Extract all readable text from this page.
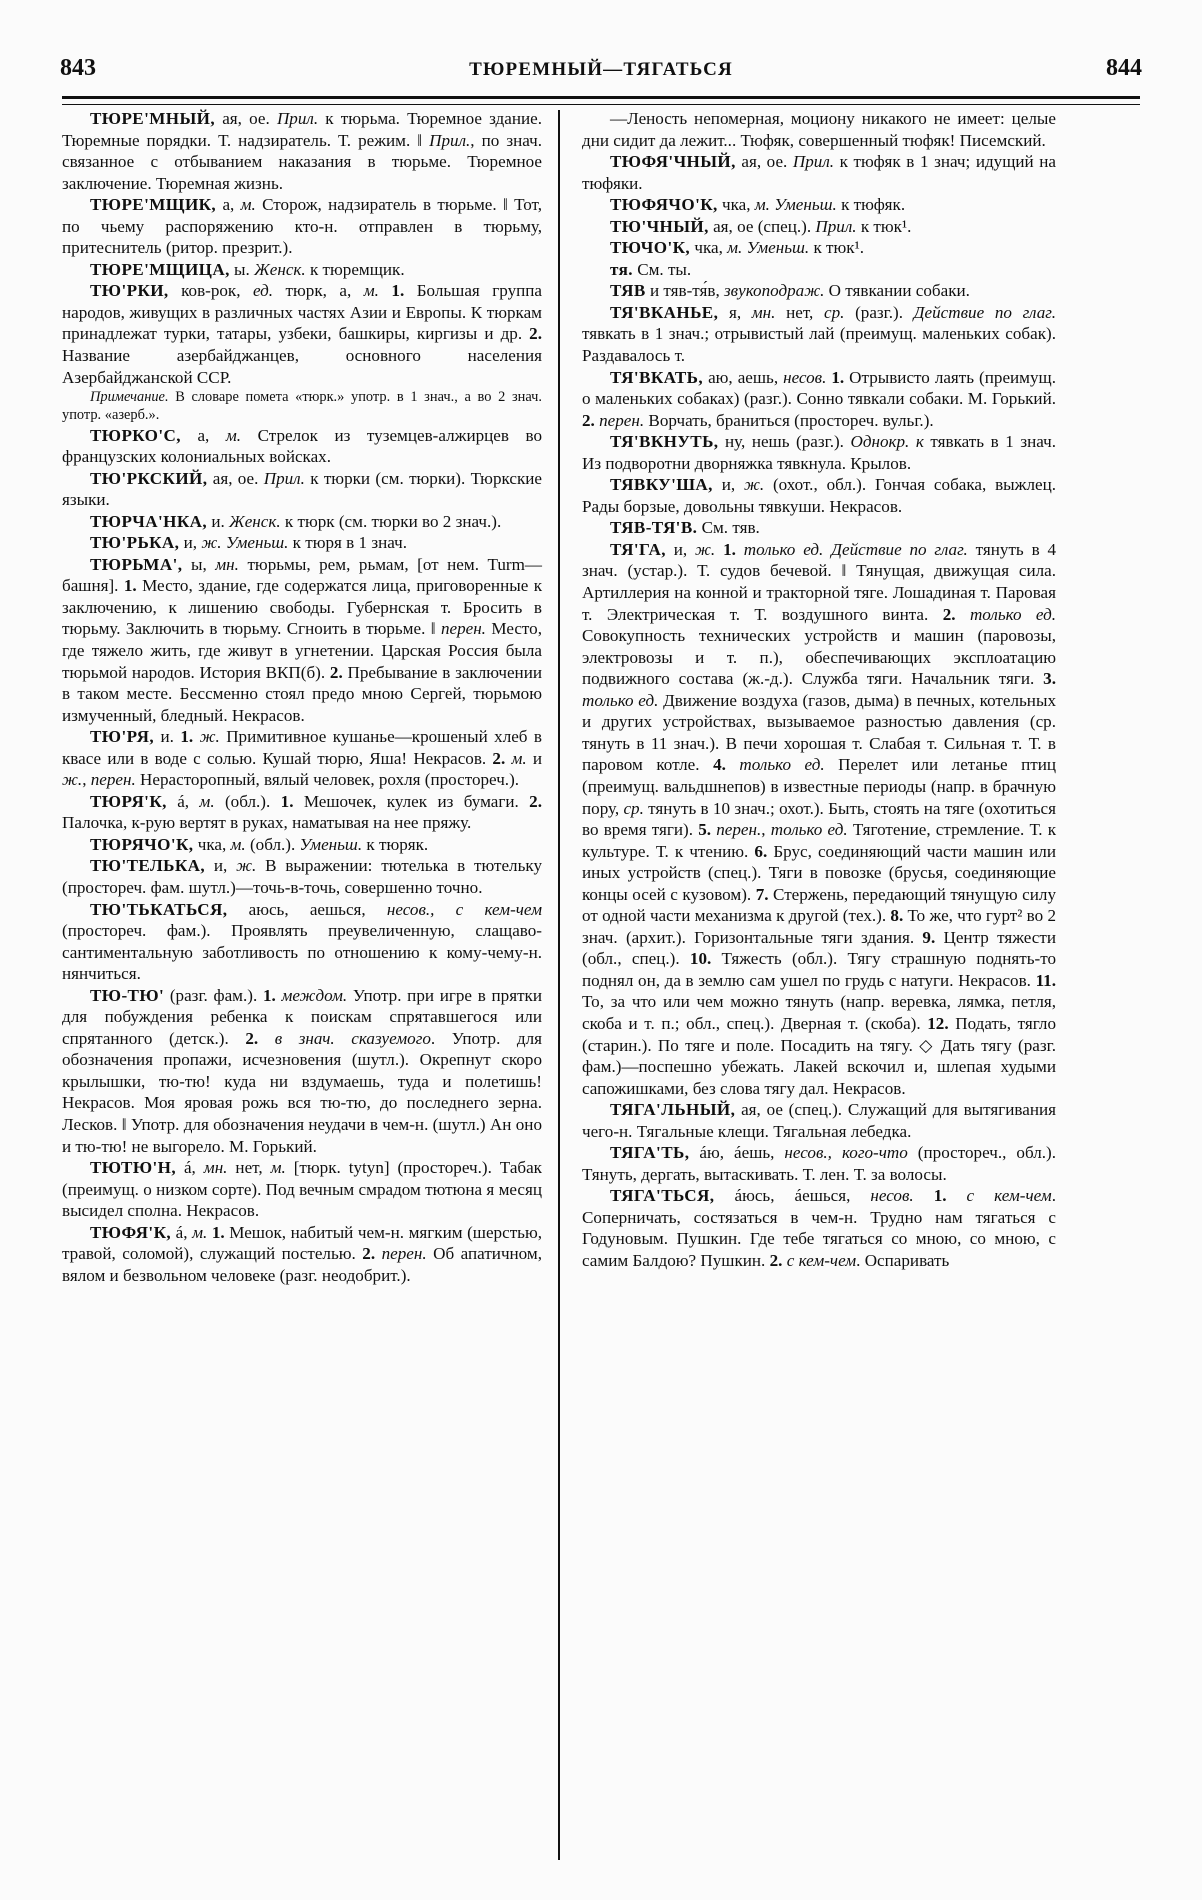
843	ТЮРЕМНЫЙ—ТЯГАТЬСЯ	844

ТЮРЕ'МНЫЙ, ая, ое. Прил. к тюрьма. Тюремное здание. Тюремные порядки. Т. надзиратель. Т. режим. ‖ Прил., по знач. связанное с отбыванием наказания в тюрьме. Тюремное заключение. Тюремная жизнь.

ТЮРЕ'МЩИК, а, м. Сторож, надзиратель в тюрьме. ‖ Тот, по чьему распоряжению кто-н. отправлен в тюрьму, притеснитель (ритор. презрит.).

ТЮРЕ'МЩИЦА, ы. Женск. к тюремщик.

ТЮ'РКИ, ков-рок, ед. тюрк, а, м. 1. Большая группа народов, живущих в различных частях Азии и Европы. К тюркам принадлежат турки, татары, узбеки, башкиры, киргизы и др. 2. Название азербайджанцев, основного населения Азербайджанской ССР.

Примечание. В словаре помета «тюрк.» употр. в 1 знач., а во 2 знач. употр. «азерб.».

ТЮРКО'С, а, м. Стрелок из туземцев-алжирцев во французских колониальных войсках.

ТЮ'РКСКИЙ, ая, ое. Прил. к тюрки (см. тюрки). Тюркские языки.

ТЮРЧА'НКА, и. Женск. к тюрк (см. тюрки во 2 знач.).

ТЮ'РЬКА, и, ж. Уменьш. к тюря в 1 знач.

ТЮРЬМА', ы, мн. тюрьмы, рем, рьмам, [от нем. Turm—башня]. 1. Место, здание, где содержатся лица, приговоренные к заключению, к лишению свободы. Губернская т. Бросить в тюрьму. Заключить в тюрьму. Сгноить в тюрьме. ‖ перен. Место, где тяжело жить, где живут в угнетении. Царская Россия была тюрьмой народов. История ВКП(б). 2. Пребывание в заключении в таком месте. Бессменно стоял предо мною Сергей, тюрьмою измученный, бледный. Некрасов.

ТЮ'РЯ, и. 1. ж. Примитивное кушанье—крошеный хлеб в квасе или в воде с солью. Кушай тюрю, Яша! Некрасов. 2. м. и ж., перен. Нерасторопный, вялый человек, рохля (простореч.).

ТЮРЯ'К, á, м. (обл.). 1. Мешочек, кулек из бумаги. 2. Палочка, к-рую вертят в руках, наматывая на нее пряжу.

ТЮРЯЧО'К, чка, м. (обл.). Уменьш. к тюряк.

ТЮ'ТЕЛЬКА, и, ж. В выражении: тютелька в тютельку (простореч. фам. шутл.)—точь-в-точь, совершенно точно.

ТЮ'ТЬКАТЬСЯ, аюсь, аешься, несов., с кем-чем (простореч. фам.). Проявлять преувеличенную, слащаво-сантиментальную заботливость по отношению к кому-чему-н. нянчиться.

ТЮ-ТЮ' (разг. фам.). 1. междом. Употр. при игре в прятки для побуждения ребенка к поискам спрятавшегося или спрятанного (детск.). 2. в знач. сказуемого. Употр. для обозначения пропажи, исчезновения (шутл.). Окрепнут скоро крылышки, тю-тю! куда ни вздумаешь, туда и полетишь! Некрасов. Моя яровая рожь вся тю-тю, до последнего зерна. Лесков. ‖ Употр. для обозначения неудачи в чем-н. (шутл.) Ан оно и тю-тю! не выгорело. М. Горький.

ТЮТЮ'Н, á, мн. нет, м. [тюрк. tytyn] (простореч.). Табак (преимущ. о низком сорте). Под вечным смрадом тютюна я месяц высидел сполна. Некрасов.

ТЮФЯ'К, á, м. 1. Мешок, набитый чем-н. мягким (шерстью, травой, соломой), служащий постелью. 2. перен. Об апатичном, вялом и безвольном человеке (разг. неодобрит.).

—Леность непомерная, моциону никакого не имеет: целые дни сидит да лежит... Тюфяк, совершенный тюфяк! Писемский.

ТЮФЯ'ЧНЫЙ, ая, ое. Прил. к тюфяк в 1 знач; идущий на тюфяки.

ТЮФЯЧО'К, чка, м. Уменьш. к тюфяк.

ТЮ'ЧНЫЙ, ая, ое (спец.). Прил. к тюк¹.

ТЮЧО'К, чка, м. Уменьш. к тюк¹.

тя. См. ты.

ТЯВ и тяв-тя́в, звукоподраж. О тявкании собаки.

ТЯ'ВКАНЬЕ, я, мн. нет, ср. (разг.). Действие по глаг. тявкать в 1 знач.; отрывистый лай (преимущ. маленьких собак). Раздавалось т.

ТЯ'ВКАТЬ, аю, аешь, несов. 1. Отрывисто лаять (преимущ. о маленьких собаках) (разг.). Сонно тявкали собаки. М. Горький. 2. перен. Ворчать, браниться (простореч. вульг.).

ТЯ'ВКНУТЬ, ну, нешь (разг.). Однокр. к тявкать в 1 знач. Из подворотни дворняжка тявкнула. Крылов.

ТЯВКУ'ША, и, ж. (охот., обл.). Гончая собака, выжлец. Рады борзые, довольны тявкуши. Некрасов.

ТЯВ-ТЯ'В. См. тяв.

ТЯ'ГА, и, ж. 1. только ед. Действие по глаг. тянуть в 4 знач. (устар.). Т. судов бечевой. ‖ Тянущая, движущая сила. Артиллерия на конной и тракторной тяге. Лошадиная т. Паровая т. Электрическая т. Т. воздушного винта. 2. только ед. Совокупность технических устройств и машин (паровозы, электровозы и т. п.), обеспечивающих эксплоатацию подвижного состава (ж.-д.). Служба тяги. Начальник тяги. 3. только ед. Движение воздуха (газов, дыма) в печных, котельных и других устройствах, вызываемое разностью давления (ср. тянуть в 11 знач.). В печи хорошая т. Слабая т. Сильная т. Т. в паровом котле. 4. только ед. Перелет или летанье птиц (преимущ. вальдшнепов) в известные периоды (напр. в брачную пору, ср. тянуть в 10 знач.; охот.). Быть, стоять на тяге (охотиться во время тяги). 5. перен., только ед. Тяготение, стремление. Т. к культуре. Т. к чтению. 6. Брус, соединяющий части машин или иных устройств (спец.). Тяги в повозке (брусья, соединяющие концы осей с кузовом). 7. Стержень, передающий тянущую силу от одной части механизма к другой (тех.). 8. То же, что гурт² во 2 знач. (архит.). Горизонтальные тяги здания. 9. Центр тяжести (обл., спец.). 10. Тяжесть (обл.). Тягу страшную поднять-то поднял он, да в землю сам ушел по грудь с натуги. Некрасов. 11. То, за что или чем можно тянуть (напр. веревка, лямка, петля, скоба и т. п.; обл., спец.). Дверная т. (скоба). 12. Подать, тягло (старин.). По тяге и поле. Посадить на тягу. ◇ Дать тягу (разг. фам.)—поспешно убежать. Лакей вскочил и, шлепая худыми сапожишками, без слова тягу дал. Некрасов.

ТЯГА'ЛЬНЫЙ, ая, ое (спец.). Служащий для вытягивания чего-н. Тягальные клещи. Тягальная лебедка.

ТЯГА'ТЬ, áю, áешь, несов., кого-что (простореч., обл.). Тянуть, дергать, вытаскивать. Т. лен. Т. за волосы.

ТЯГА'ТЬСЯ, áюсь, áешься, несов. 1. с кем-чем. Соперничать, состязаться в чем-н. Трудно нам тягаться с Годуновым. Пушкин. Где тебе тягаться со мною, со мною, с самим Балдою? Пушкин. 2. с кем-чем. Оспаривать
